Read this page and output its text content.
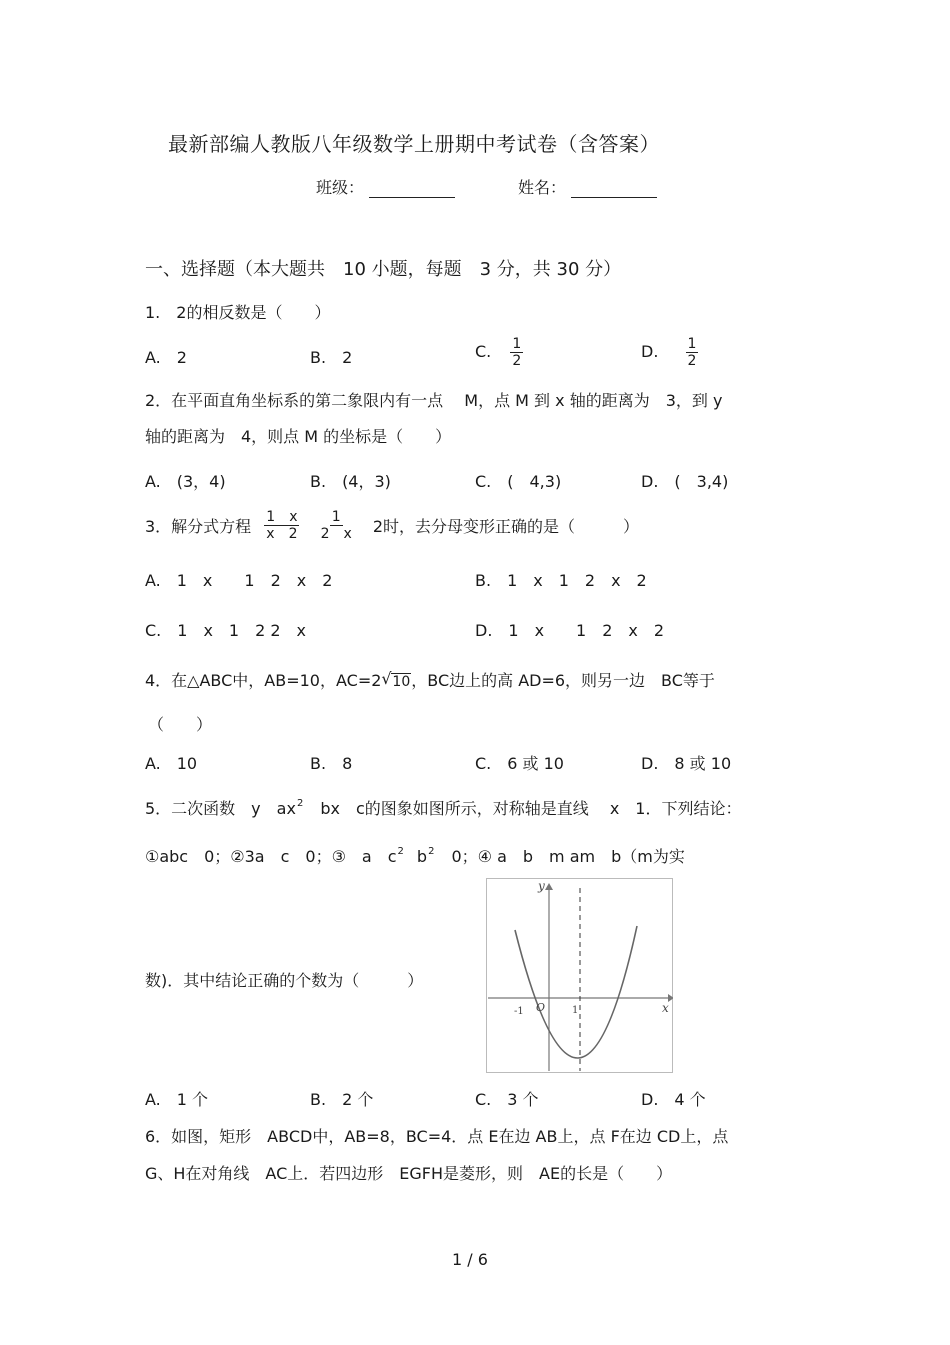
最新部编人教版八年级数学上册期中考试卷（含答案）
班级：	姓名：
一、选择题（本大题共　10 小题，每题　3 分，共 30 分）
1.　2的相反数是（　　）
A.　2	B.　2	C. $\frac{1}{2}$	D. $\frac{1}{2}$
2．在平面直角坐标系的第二象限内有一点　 M，点 M 到 x 轴的距离为　3，到 y
轴的距离为　4，则点 M 的坐标是（　　）
A.　(3，4)	B.　(4，3)	C.　(　4,3)	D.　(　3,4)
3．解分式方程 $\frac{1 x}{x 2}$
$\frac{1}{2 x} 2$时，去分母变形正确的是（　　　）
A.　1　x　　1　2　x　2	B.　1　x　1　2　x　2
C.　1　x　1　2 2　x	D.　1　x　　1　2　x　2
4．在△ABC中，AB=10，AC=2 √ 10，BC边上的高 AD=6，则另一边　BC等于
（　　）
A.　10	B.　8	C.　6 或 10	D.　8 或 10
5．二次函数　y　$ax^2$　bx　c的图象如图所示，对称轴是直线　 x　1．下列结论：
①abc　0；②3a　c　0；③　a　$c^2$ $b^2$　0；④ a　b　m am　b（m为实
数)．其中结论正确的个数为（　　　）
y
x
O
-1	1
A.　1 个	B.　2 个	C.　3 个	D.　4 个
6．如图，矩形　ABCD中，AB=8，BC=4．点 E在边 AB上，点 F在边 CD上，点
G、H在对角线　AC上．若四边形　EGFH是菱形，则　AE的长是（　　）
1 / 6
